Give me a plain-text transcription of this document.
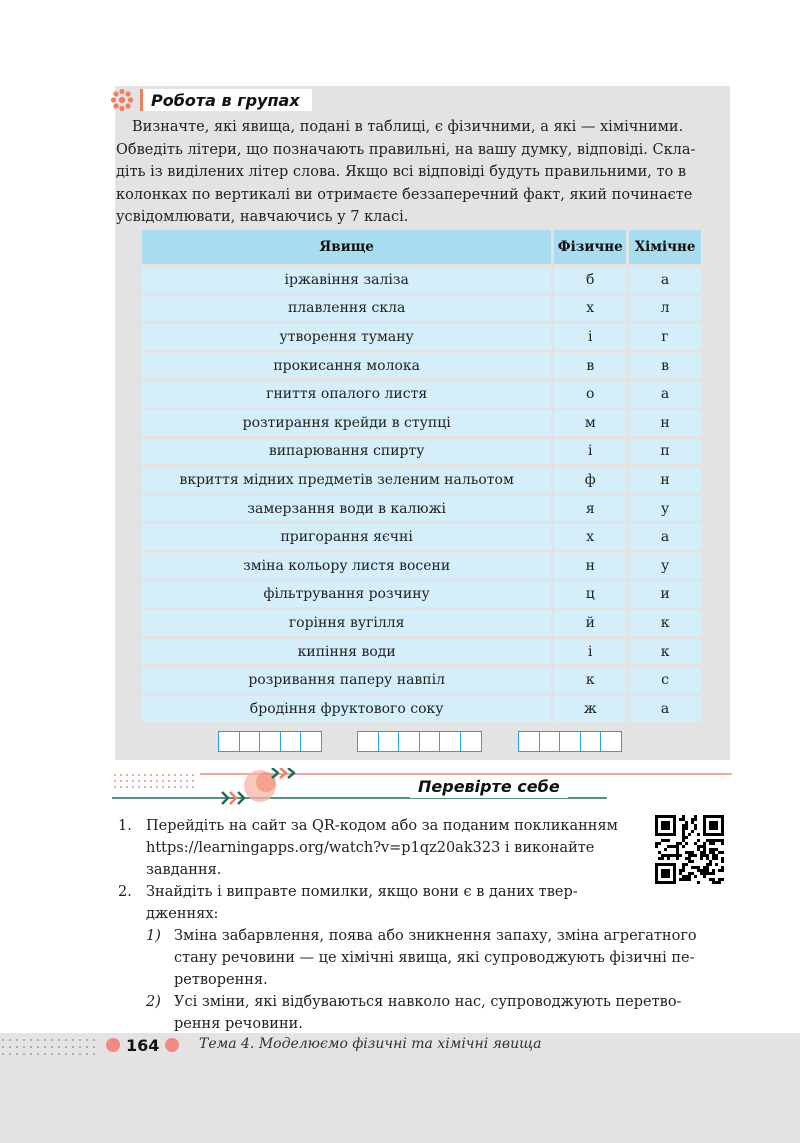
Робота в групах
Визначте, які явища, подані в таблиці, є фізичними, а які — хімічними.
Обведіть літери, що позначають правильні, на вашу думку, відповіді. Скла-
діть із виділених літер слова. Якщо всі відповіді будуть правильними, то в
колонках по вертикалі ви отримаєте беззаперечний факт, який починаєте
усвідомлювати, навчаючись у 7 класі.
Явище	Фізичне	Хімічне
іржавіння заліза	б	а
плавлення скла	х	л
утворення туману	і	г
прокисання молока	в	в
гниття опалого листя	о	а
розтирання крейди в ступці	м	н
випарювання спирту	і	п
вкриття мідних предметів зеленим нальотом	ф	н
замерзання води в калюжі	я	у
пригорання яєчні	х	а
зміна кольору листя восени	н	у
фільтрування розчину	ц	и
горіння вугілля	й	к
кипіння води	і	к
розривання паперу навпіл	к	с
бродіння фруктового соку	ж	а
Перевірте себе
1. Перейдіть на сайт за QR-кодом або за поданим покликанням
https://learningapps.org/watch?v=p1qz20ak323 і виконайте
завдання.

2. Знайдіть і виправте помилки, якщо вони є в даних твер-
дженнях:

1) Зміна забарвлення, поява або зникнення запаху, зміна агрегатного стану речовини — це хімічні явища, які супроводжують фізичні пе- ретворення.

2) Усі зміни, які відбуваються навколо нас, супроводжують перетво- рення речовини.

164	Тема 4. Моделюємо фізичні та хімічні явища
